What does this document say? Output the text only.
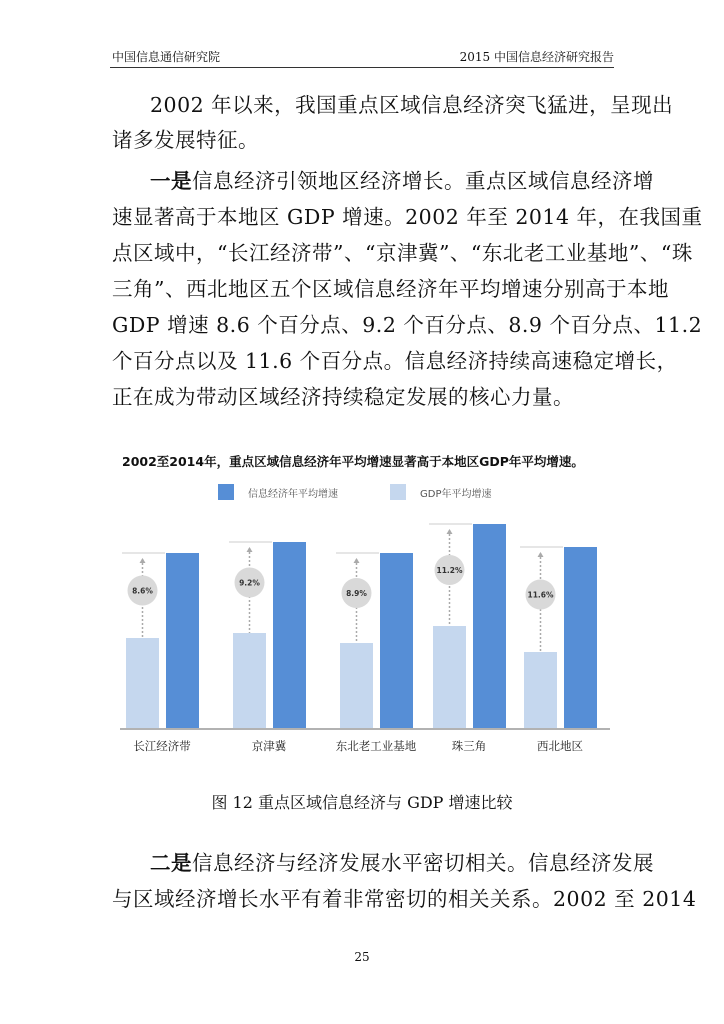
中国信息通信研究院	2015 中国信息经济研究报告
2002 年以来，我国重点区域信息经济突飞猛进，呈现出
诸多发展特征。
一是信息经济引领地区经济增长。重点区域信息经济增
速显著高于本地区 GDP 增速。2002 年至 2014 年，在我国重
点区域中，“长江经济带”、“京津冀”、“东北老工业基地”、“珠
三角”、西北地区五个区域信息经济年平均增速分别高于本地
GDP 增速 8.6 个百分点、9.2 个百分点、8.9 个百分点、11.2
个百分点以及 11.6 个百分点。信息经济持续高速稳定增长，
正在成为带动区域经济持续稳定发展的核心力量。
2002至2014年，重点区域信息经济年平均增速显著高于本地区GDP年平均增速。
信息经济年平均增速	GDP年平均增速
8.6%
长江经济带
9.2%
京津冀
8.9%
东北老工业基地
11.2%
珠三角
11.6%
西北地区
图 12 重点区域信息经济与 GDP 增速比较
二是信息经济与经济发展水平密切相关。信息经济发展
与区域经济增长水平有着非常密切的相关关系。2002 至 2014
25
